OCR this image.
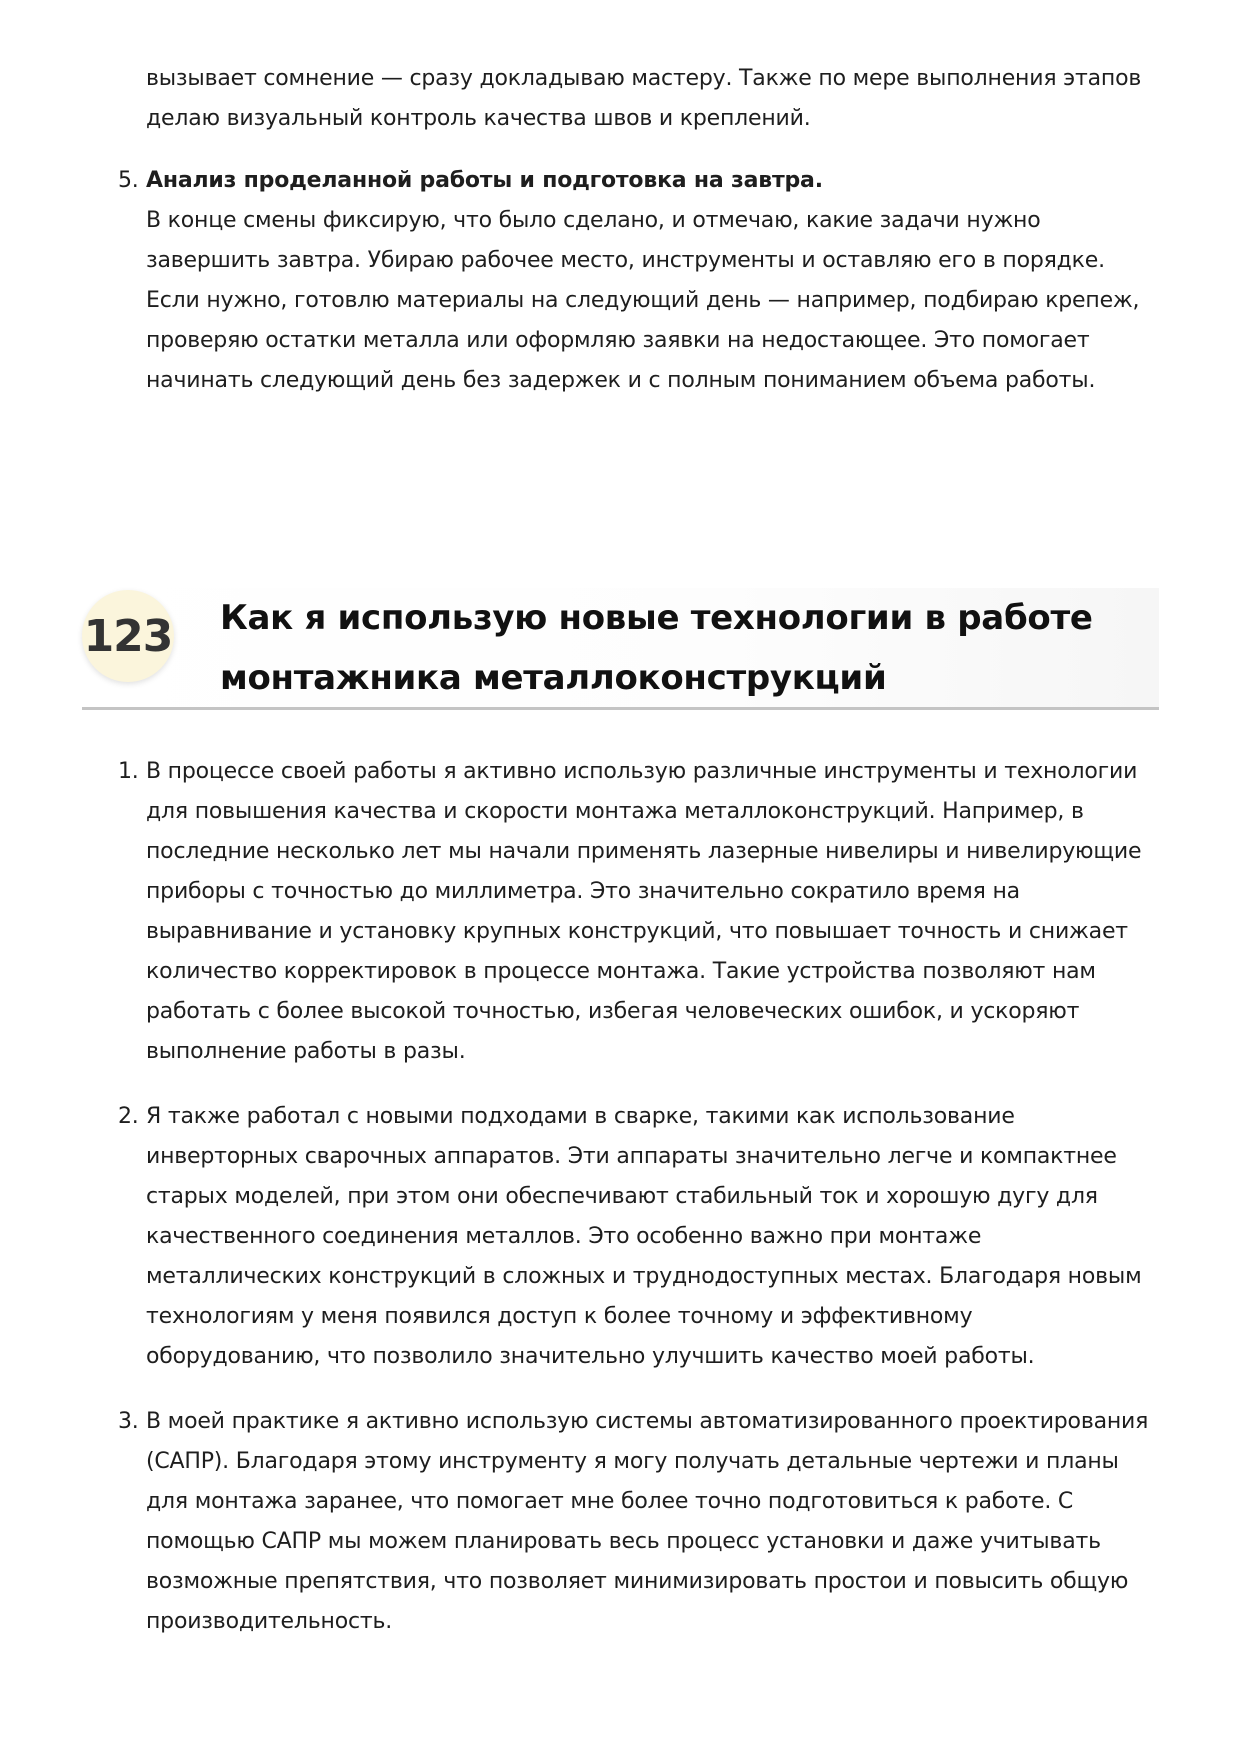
вызывает сомнение — сразу докладываю мастеру. Также по мере выполнения этапов делаю визуальный контроль качества швов и креплений.
5. Анализ проделанной работы и подготовка на завтра.
В конце смены фиксирую, что было сделано, и отмечаю, какие задачи нужно завершить завтра. Убираю рабочее место, инструменты и оставляю его в порядке. Если нужно, готовлю материалы на следующий день — например, подбираю крепеж, проверяю остатки металла или оформляю заявки на недостающее. Это помогает начинать следующий день без задержек и с полным пониманием объема работы.
123 Как я использую новые технологии в работе монтажника металлоконструкций
1. В процессе своей работы я активно использую различные инструменты и технологии для повышения качества и скорости монтажа металлоконструкций. Например, в последние несколько лет мы начали применять лазерные нивелиры и нивелирующие приборы с точностью до миллиметра. Это значительно сократило время на выравнивание и установку крупных конструкций, что повышает точность и снижает количество корректировок в процессе монтажа. Такие устройства позволяют нам работать с более высокой точностью, избегая человеческих ошибок, и ускоряют выполнение работы в разы.
2. Я также работал с новыми подходами в сварке, такими как использование инверторных сварочных аппаратов. Эти аппараты значительно легче и компактнее старых моделей, при этом они обеспечивают стабильный ток и хорошую дугу для качественного соединения металлов. Это особенно важно при монтаже металлических конструкций в сложных и труднодоступных местах. Благодаря новым технологиям у меня появился доступ к более точному и эффективному оборудованию, что позволило значительно улучшить качество моей работы.
3. В моей практике я активно использую системы автоматизированного проектирования (САПР). Благодаря этому инструменту я могу получать детальные чертежи и планы для монтажа заранее, что помогает мне более точно подготовиться к работе. С помощью САПР мы можем планировать весь процесс установки и даже учитывать возможные препятствия, что позволяет минимизировать простои и повысить общую производительность.
